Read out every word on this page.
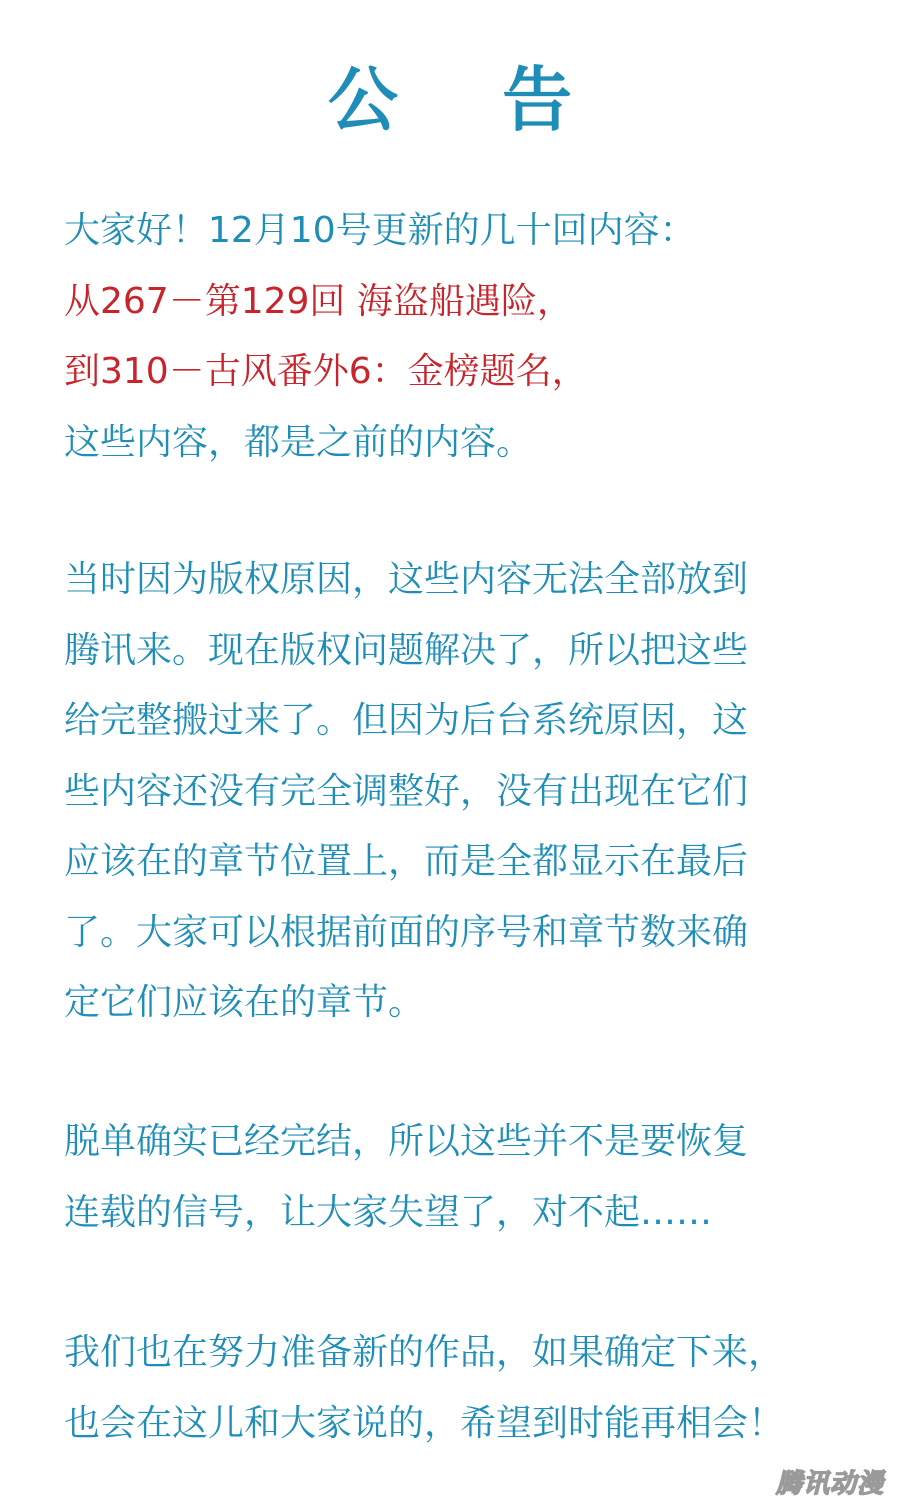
公 告
大家好！12月10号更新的几十回内容：
从267－第129回 海盗船遇险，
到310－古风番外6：金榜题名，
这些内容，都是之前的内容。
当时因为版权原因，这些内容无法全部放到
腾讯来。现在版权问题解决了，所以把这些
给完整搬过来了。但因为后台系统原因，这
些内容还没有完全调整好，没有出现在它们
应该在的章节位置上，而是全都显示在最后
了。大家可以根据前面的序号和章节数来确
定它们应该在的章节。
脱单确实已经完结，所以这些并不是要恢复
连载的信号，让大家失望了，对不起……
我们也在努力准备新的作品，如果确定下来，
也会在这儿和大家说的，希望到时能再相会！
腾讯动漫
